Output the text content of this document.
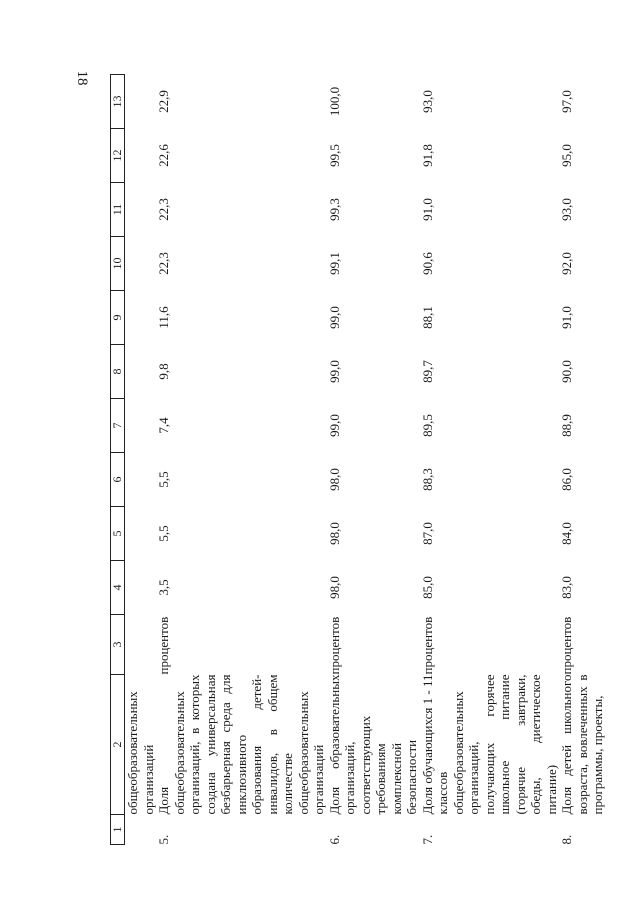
18
1	2	3	4	5	6	7	8	9	10	11	12	13
	общеобразовательных организаций											
5.	Доля общеобразовательных организаций, в которых создана универсальная безбарьерная среда для инклюзивного образования детей-инвалидов, в общем количестве общеобразовательных организаций	процентов	3,5	5,5	5,5	7,4	9,8	11,6	22,3	22,3	22,6	22,9
6.	Доля образовательных организаций, соответствующих требованиям комплексной безопасности	процентов	98,0	98,0	98,0	99,0	99,0	99,0	99,1	99,3	99,5	100,0
7.	Доля обучающихся 1 - 11 классов общеобразовательных организаций, получающих горячее школьное питание (горячие завтраки, обеды, диетическое питание)	процентов	85,0	87,0	88,3	89,5	89,7	88,1	90,6	91,0	91,8	93,0
8.	Доля детей школьного возраста, вовлеченных в программы, проекты,	процентов	83,0	84,0	86,0	88,9	90,0	91,0	92,0	93,0	95,0	97,0
